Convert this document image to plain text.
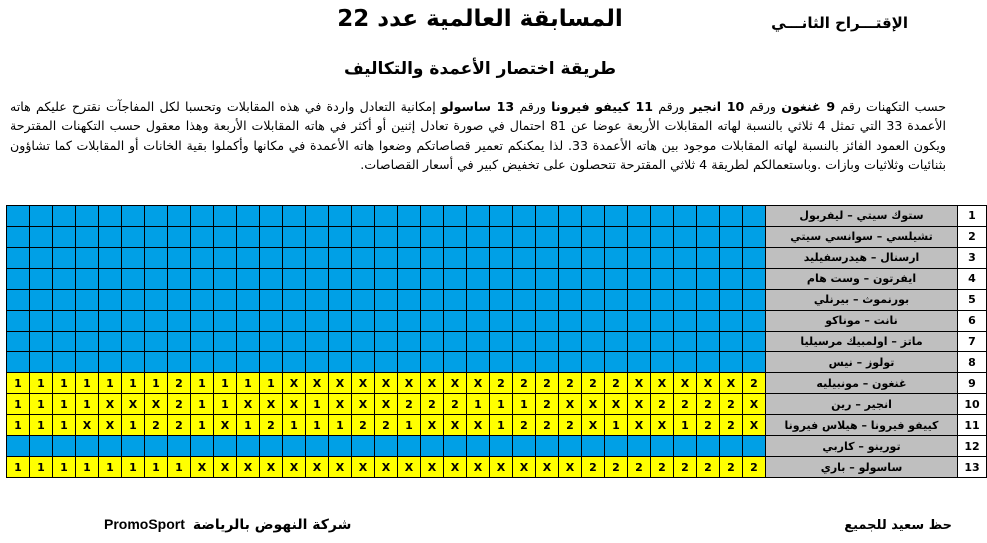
المسابقة العالمية عدد 22	الإقتـــراح الثانـــي
طريقة اختصار الأعمدة والتكاليف
حسب التكهنات رقم 9 غنغون ورقم 10 انجير ورقم 11 كييفو فيرونا ورقم 13 ساسولو إمكانية التعادل واردة في هذه المقابلات وتحسبا لكل المفاجآت نقترح عليكم هاته الأعمدة 33 التي تمثل 4 ثلاثي بالنسبة لهاته المقابلات الأربعة عوضا عن 81 احتمال في صورة تعادل إثنين أو أكثر في هاته المقابلات الأربعة وهذا معقول حسب التكهنات المقترحة ويكون العمود الفائز بالنسبة لهاته المقابلات موجود بين هاته الأعمدة 33. لذا يمكنكم تعمير قصاصاتكم وضعوا هاته الأعمدة في مكانها وأكملوا بقية الخانات أو المقابلات كما تشاؤون بثنائيات وثلاثيات وبازات .وباستعمالكم لطريقة 4 ثلاثي المقترحة تتحصلون على تخفيض كبير في أسعار القصاصات.
																																	ستوك سيتي – ليفربول	1
																																	تشيلسي – سوانسي سيتي	2
																																	ارسنال – هيدرسفيليد	3
																																	ايفرتون – وست هام	4
																																	بورنموث – بيرنلي	5
																																	نانت – موناكو	6
																																	ماتز – اولمبيك مرسيليا	7
																																	تولوز – نيس	8
1	1	1	1	1	1	1	2	1	1	1	1	X	X	X	X	X	X	X	X	X	2	2	2	2	2	2	X	X	X	X	X	2	غنغون – مونبيليه	9
1	1	1	1	X	X	X	2	1	1	X	X	X	1	X	X	X	2	2	2	1	1	1	2	X	X	X	X	2	2	2	2	X	انجير – رين	10
1	1	1	X	X	1	2	2	1	X	1	2	1	1	1	2	2	1	X	X	X	1	2	2	2	X	1	X	X	1	2	2	X	كييفو فيرونا – هيلاس فيرونا	11
																																	تورينو – كاربي	12
1	1	1	1	1	1	1	1	X	X	X	X	X	X	X	X	X	X	X	X	X	X	X	X	X	2	2	2	2	2	2	2	2	ساسولو – باري	13
شركة النهوض بالرياضةPromoSport	حظ سعيد للجميع
